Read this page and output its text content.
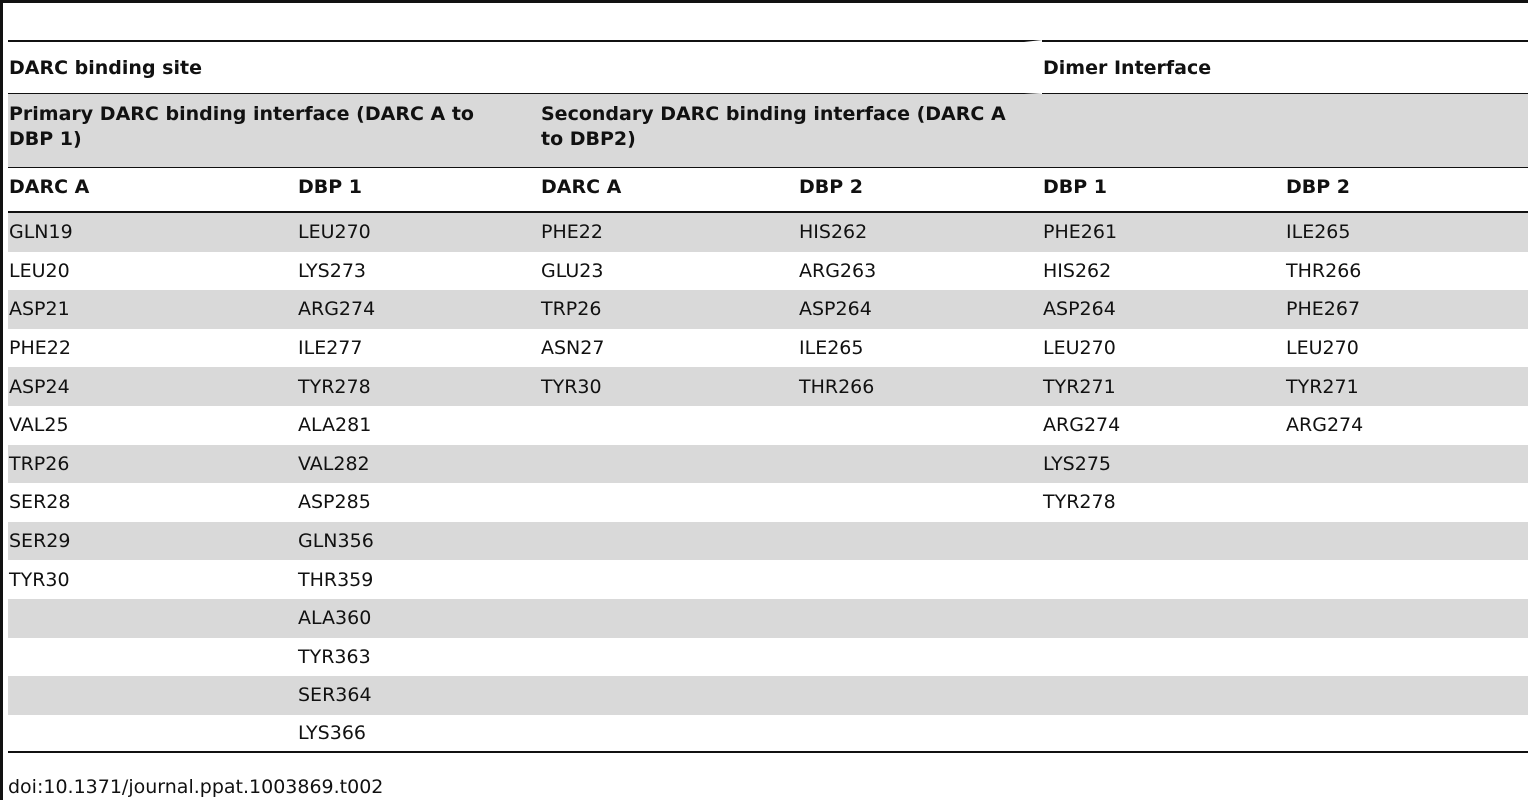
DARC binding site				Dimer Interface	
Primary DARC binding interface (DARC A to DBP 1)		Secondary DARC binding interface (DARC A to DBP2)			
DARC A	DBP 1	DARC A	DBP 2	DBP 1	DBP 2
GLN19	LEU270	PHE22	HIS262	PHE261	ILE265
LEU20	LYS273	GLU23	ARG263	HIS262	THR266
ASP21	ARG274	TRP26	ASP264	ASP264	PHE267
PHE22	ILE277	ASN27	ILE265	LEU270	LEU270
ASP24	TYR278	TYR30	THR266	TYR271	TYR271
VAL25	ALA281			ARG274	ARG274
TRP26	VAL282			LYS275	
SER28	ASP285			TYR278	
SER29	GLN356				
TYR30	THR359				
	ALA360				
	TYR363				
	SER364				
	LYS366				
doi:10.1371/journal.ppat.1003869.t002
